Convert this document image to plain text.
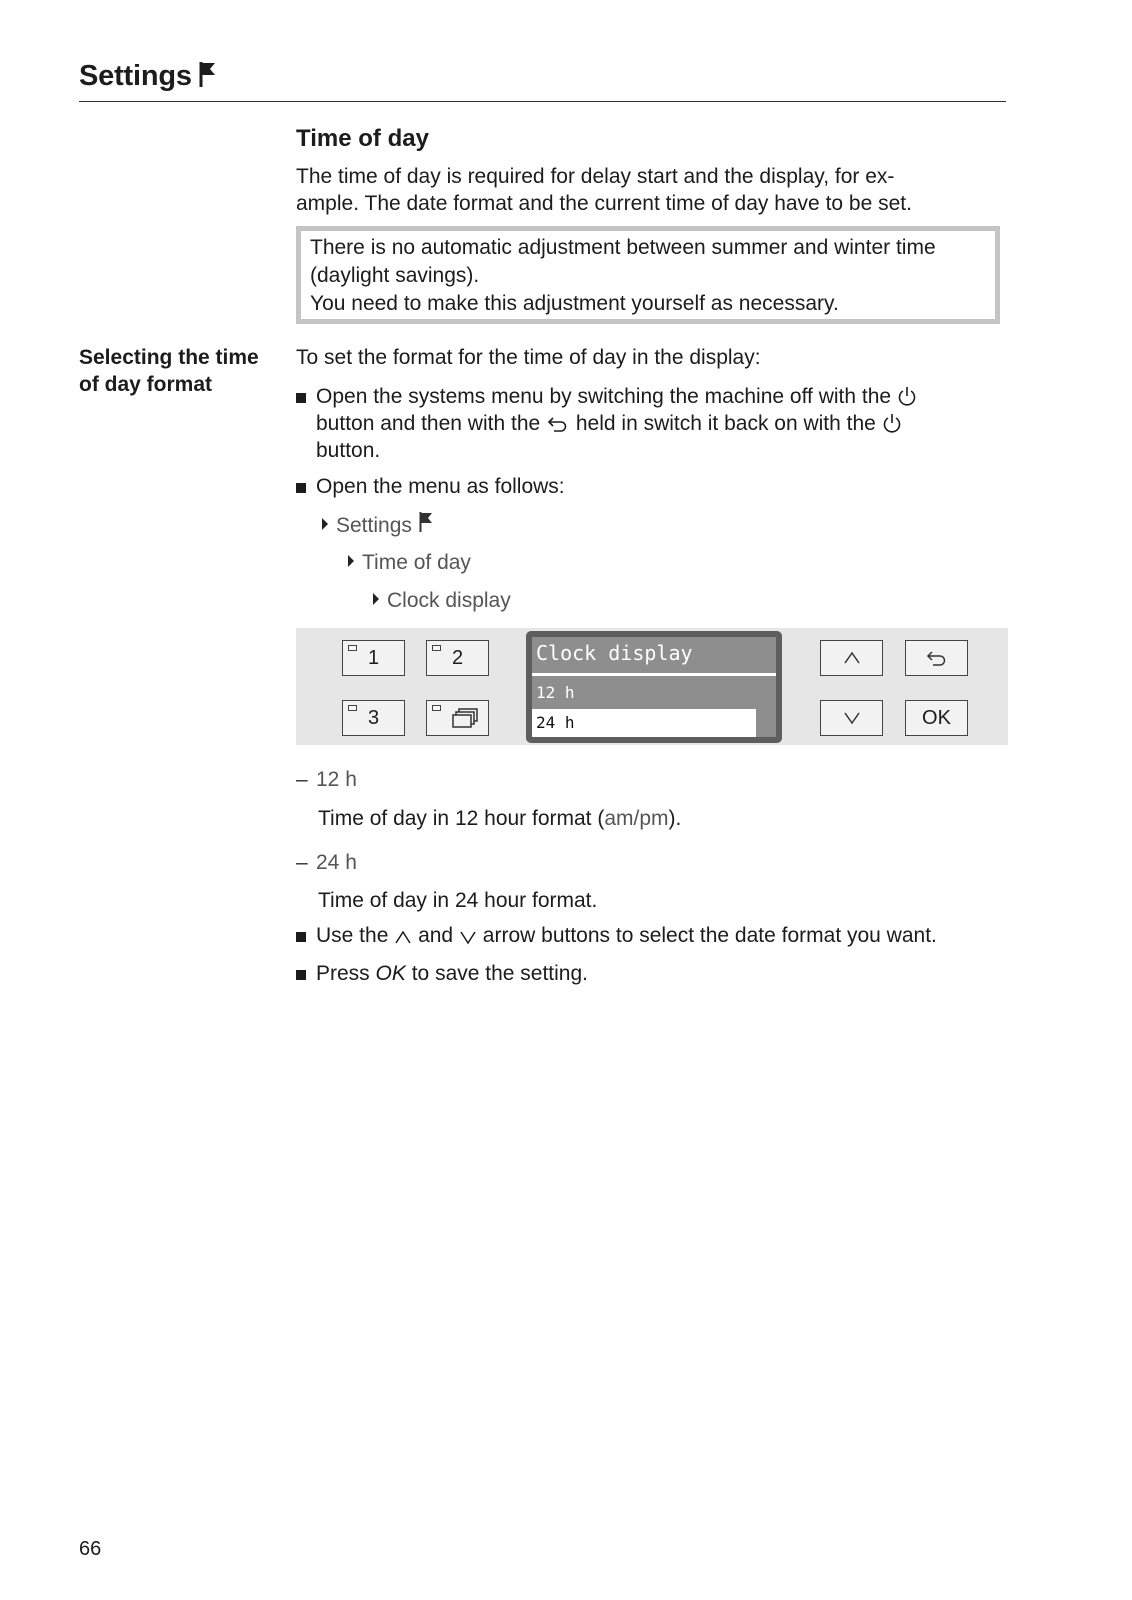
Settings
Time of day
The time of day is required for delay start and the display, for ex-
ample. The date format and the current time of day have to be set.
There is no automatic adjustment between summer and winter time
(daylight savings).
You need to make this adjustment yourself as necessary.
Selecting the time
of day format
To set the format for the time of day in the display:
Open the systems menu by switching the machine off with the
button and then with the held in switch it back on with the
button.
Open the menu as follows:
Settings
Time of day
Clock display
1	2
3
Clock display
12 h
24 h	OK
– 12 h
Time of day in 12 hour format (am/pm).
– 24 h
Time of day in 24 hour format.
Use the and arrow buttons to select the date format you want.
Press OK to save the setting.
66
